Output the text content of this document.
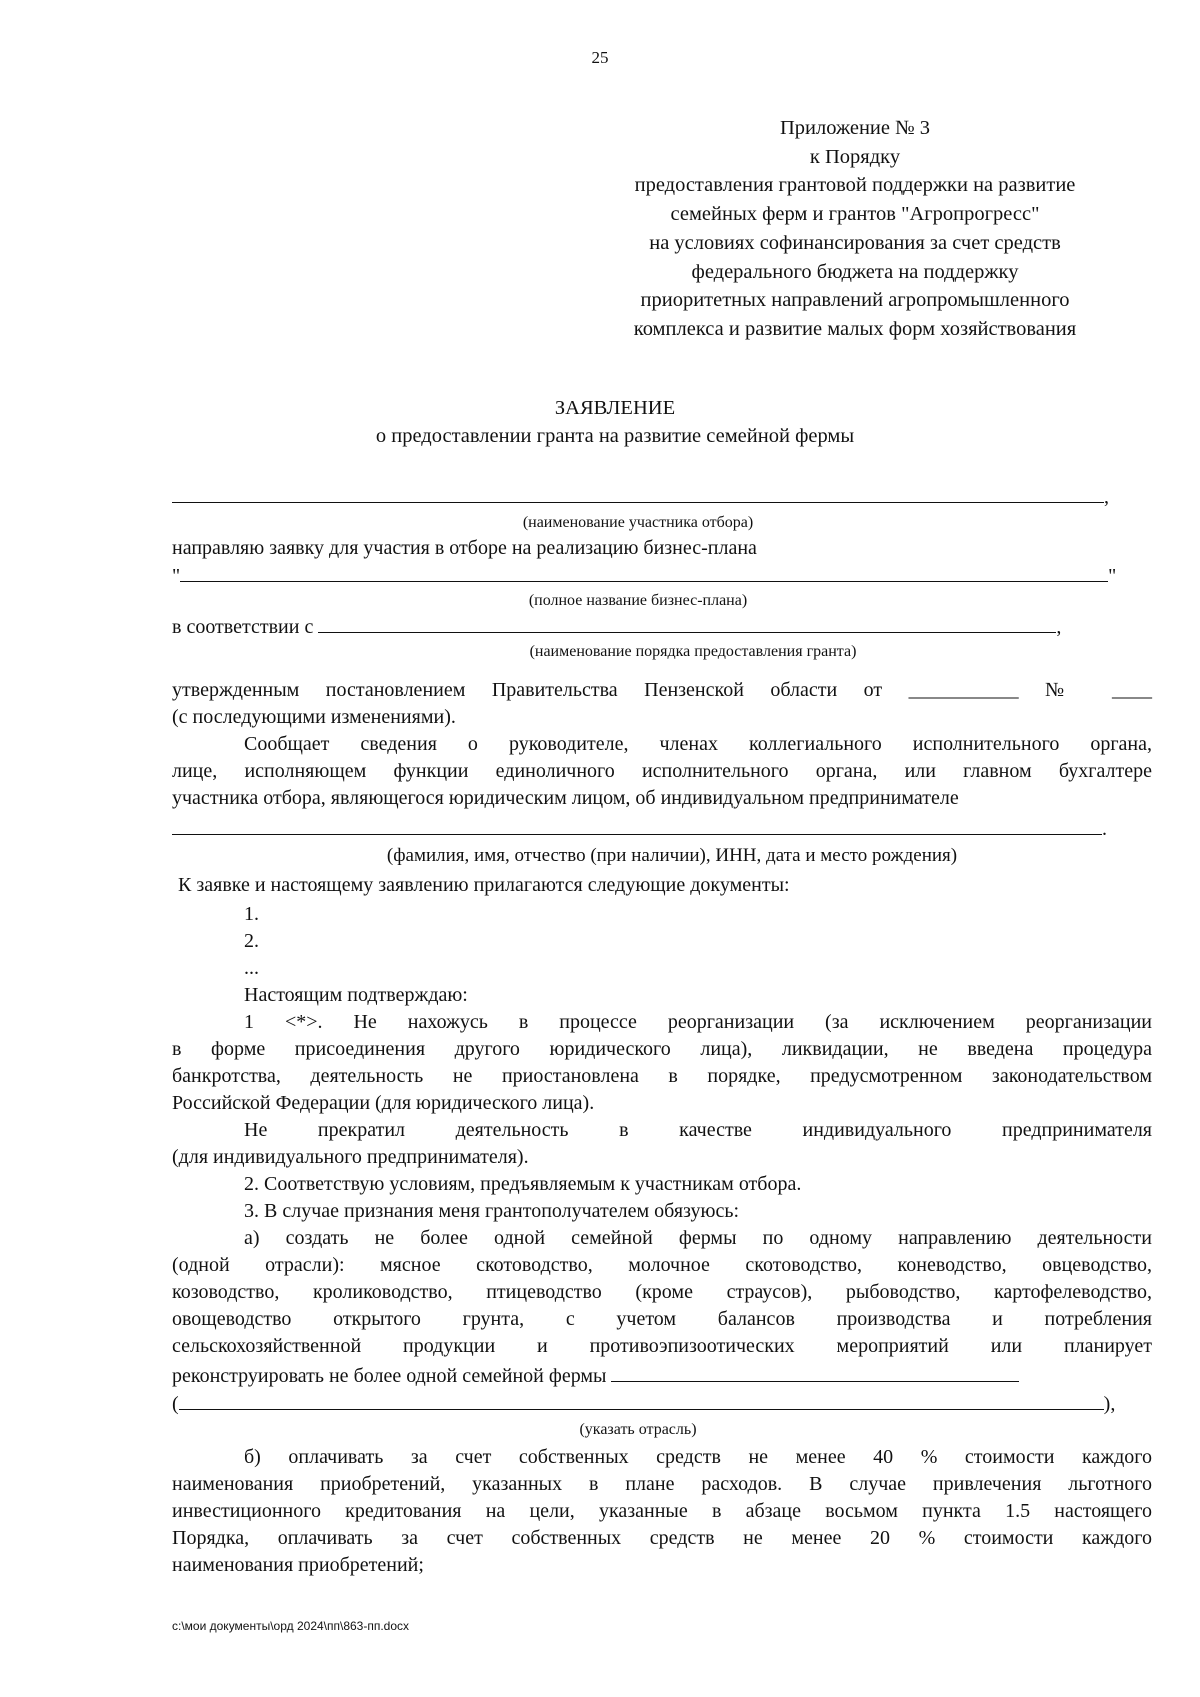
25
Приложение № 3
к Порядку
предоставления грантовой поддержки на развитие
семейных ферм и грантов "Агропрогресс"
на условиях софинансирования за счет средств
федерального бюджета на поддержку
приоритетных направлений агропромышленного
комплекса и развитие малых форм хозяйствования
ЗАЯВЛЕНИЕ
о предоставлении гранта на развитие семейной фермы
,
(наименование участника отбора)
направляю заявку для участия в отборе на реализацию бизнес-плана
"	"
(полное название бизнес-плана)
в соответствии с	,
(наименование порядка предоставления гранта)
утвержденным постановлением Правительства Пензенской области от ___________ № ____
(с последующими изменениями).
Сообщает сведения о руководителе, членах коллегиального исполнительного органа,
лице, исполняющем функции единоличного исполнительного органа, или главном бухгалтере
участника отбора, являющегося юридическим лицом, об индивидуальном предпринимателе
.
(фамилия, имя, отчество (при наличии), ИНН, дата и место рождения)
К заявке и настоящему заявлению прилагаются следующие документы:
1.
2.
...
Настоящим подтверждаю:
1 <*>. Не нахожусь в процессе реорганизации (за исключением реорганизации
в форме присоединения другого юридического лица), ликвидации, не введена процедура
банкротства, деятельность не приостановлена в порядке, предусмотренном законодательством
Российской Федерации (для юридического лица).
Не прекратил деятельность в качестве индивидуального предпринимателя
(для индивидуального предпринимателя).
2. Соответствую условиям, предъявляемым к участникам отбора.
3. В случае признания меня грантополучателем обязуюсь:
а) создать не более одной семейной фермы по одному направлению деятельности
(одной отрасли): мясное скотоводство, молочное скотоводство, коневодство, овцеводство,
козоводство, кролиководство, птицеводство (кроме страусов), рыбоводство, картофелеводство,
овощеводство открытого грунта, с учетом балансов производства и потребления
сельскохозяйственной продукции и противоэпизоотических мероприятий или планирует
реконструировать не более одной семейной фермы
(	),
(указать отрасль)
б) оплачивать за счет собственных средств не менее 40 % стоимости каждого
наименования приобретений, указанных в плане расходов. В случае привлечения льготного
инвестиционного кредитования на цели, указанные в абзаце восьмом пункта 1.5 настоящего
Порядка, оплачивать за счет собственных средств не менее 20 % стоимости каждого
наименования приобретений;
c:\мои документы\орд 2024\пп\863-пп.docx
